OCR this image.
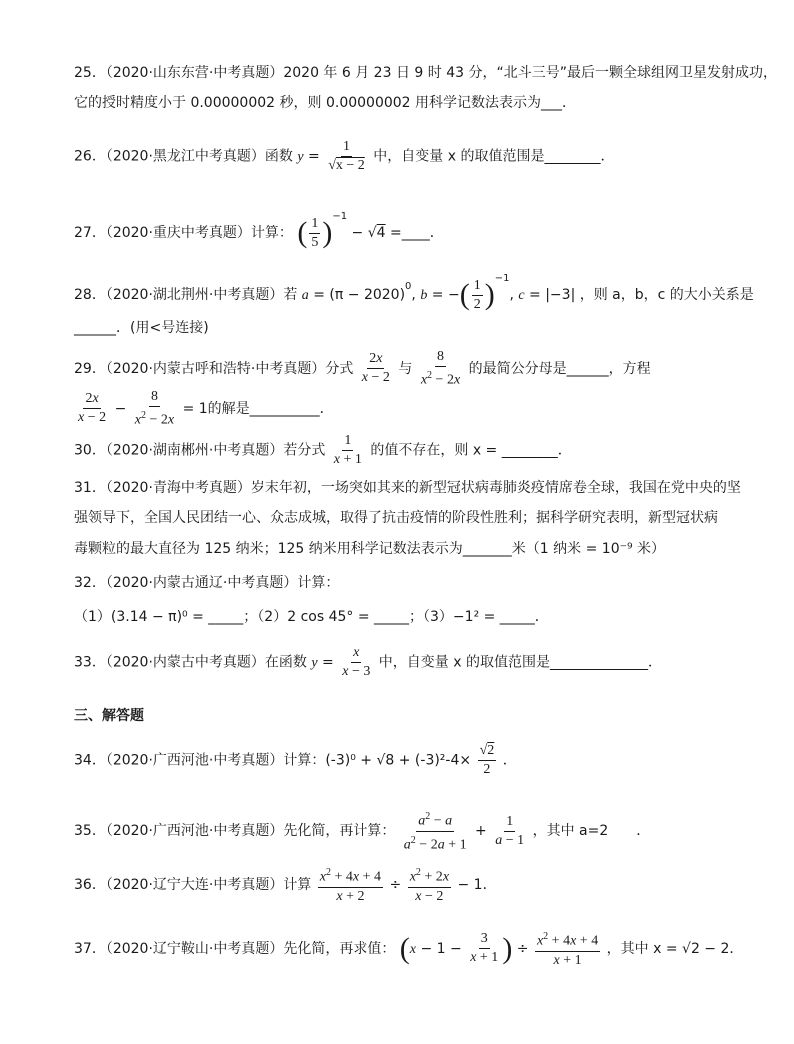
25．（2020·山东东营·中考真题）2020 年 6 月 23 日 9 时 43 分，“北斗三号”最后一颗全球组网卫星发射成功，
它的授时精度小于 0.00000002 秒，则 0.00000002 用科学记数法表示为___．
26．（2020·黑龙江中考真题）函数 $y = \frac{1}{√x - 2}$ 中，自变量 x 的取值范围是________．
27．（2020·重庆中考真题）计算： ( $\frac{1}{5} )^{-1} - √4$ =____．
28．（2020·湖北荆州·中考真题）若 $a = (\pi - 2020)^0$, b = −( $\frac{1}{2} )^{-1}$, c = |−3| ，则 a，b，c 的大小关系是
______．(用<号连接)
29．（2020·内蒙古呼和浩特·中考真题）分式 $\frac{2x}{x - 2}$ 与 $\frac{8}{x^2 - 2x}$ 的最简公分母是______，方程
$\frac{2x}{x - 2} - \frac{8}{x^2 - 2x} = 1$的解是__________．
30．（2020·湖南郴州·中考真题）若分式 $\frac{1}{x + 1}$ 的值不存在，则 x = ________．
31．（2020·青海中考真题）岁末年初，一场突如其来的新型冠状病毒肺炎疫情席卷全球，我国在党中央的坚
强领导下，全国人民团结一心、众志成城，取得了抗击疫情的阶段性胜利；据科学研究表明，新型冠状病
毒颗粒的最大直径为 125 纳米；125 纳米用科学记数法表示为_______米（1 纳米 = 10⁻⁹ 米）
32．（2020·内蒙古通辽·中考真题）计算：
（1）(3.14 − π)⁰ = _____；（2）2 cos 45° = _____；（3）−1² = _____．
33．（2020·内蒙古中考真题）在函数 $y = \frac{x}{x - 3}$ 中，自变量 x 的取值范围是______________．
三、解答题
34．（2020·广西河池·中考真题）计算：$(-3)^0 + √8 + (-3)^2-4\times \frac{√2}{2}$ ．
35．（2020·广西河池·中考真题）先化简，再计算： $\frac{a^2 - a}{a^2 - 2a + 1} + \frac{1}{a - 1}$ ，其中 a=2　　．
36．（2020·辽宁大连·中考真题）计算 $\frac{x^2 + 4x + 4}{x + 2} \div \frac{x^2 + 2x}{x - 2} - 1$．
37．（2020·辽宁鞍山·中考真题）先化简，再求值： ($x - 1 - \frac{3}{x + 1}$ ) ÷ $\frac{x^2 + 4x + 4}{x + 1}$ ，其中 x = √2 − 2．
